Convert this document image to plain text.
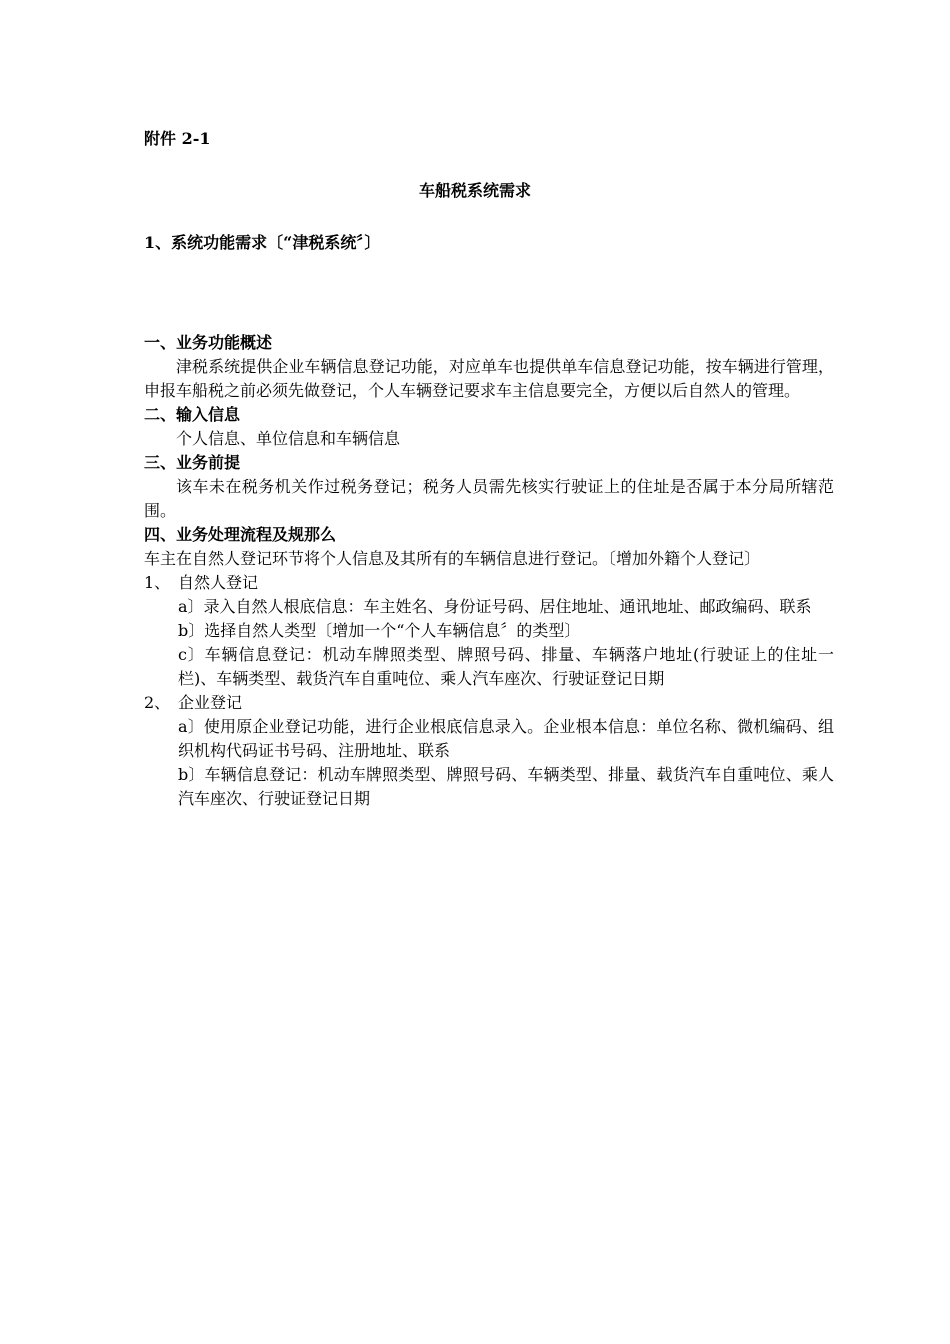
附件 2-1
车船税系统需求
1、系统功能需求〔“津税系统〞〕

一、业务功能概述

津税系统提供企业车辆信息登记功能，对应单车也提供单车信息登记功能，按车辆进行管理，申报车船税之前必须先做登记，个人车辆登记要求车主信息要完全，方便以后自然人的管理。

二、输入信息

个人信息、单位信息和车辆信息

三、业务前提

该车未在税务机关作过税务登记；税务人员需先核实行驶证上的住址是否属于本分局所辖范围。

四、业务处理流程及规那么

车主在自然人登记环节将个人信息及其所有的车辆信息进行登记。〔增加外籍个人登记〕

1、 自然人登记

a〕录入自然人根底信息：车主姓名、身份证号码、居住地址、通讯地址、邮政编码、联系

b〕选择自然人类型〔增加一个“个人车辆信息〞的类型〕

c〕车辆信息登记：机动车牌照类型、牌照号码、排量、车辆落户地址(行驶证上的住址一栏)、车辆类型、载货汽车自重吨位、乘人汽车座次、行驶证登记日期

2、 企业登记

a〕使用原企业登记功能，进行企业根底信息录入。企业根本信息：单位名称、微机编码、组织机构代码证书号码、注册地址、联系

b〕车辆信息登记：机动车牌照类型、牌照号码、车辆类型、排量、载货汽车自重吨位、乘人汽车座次、行驶证登记日期
